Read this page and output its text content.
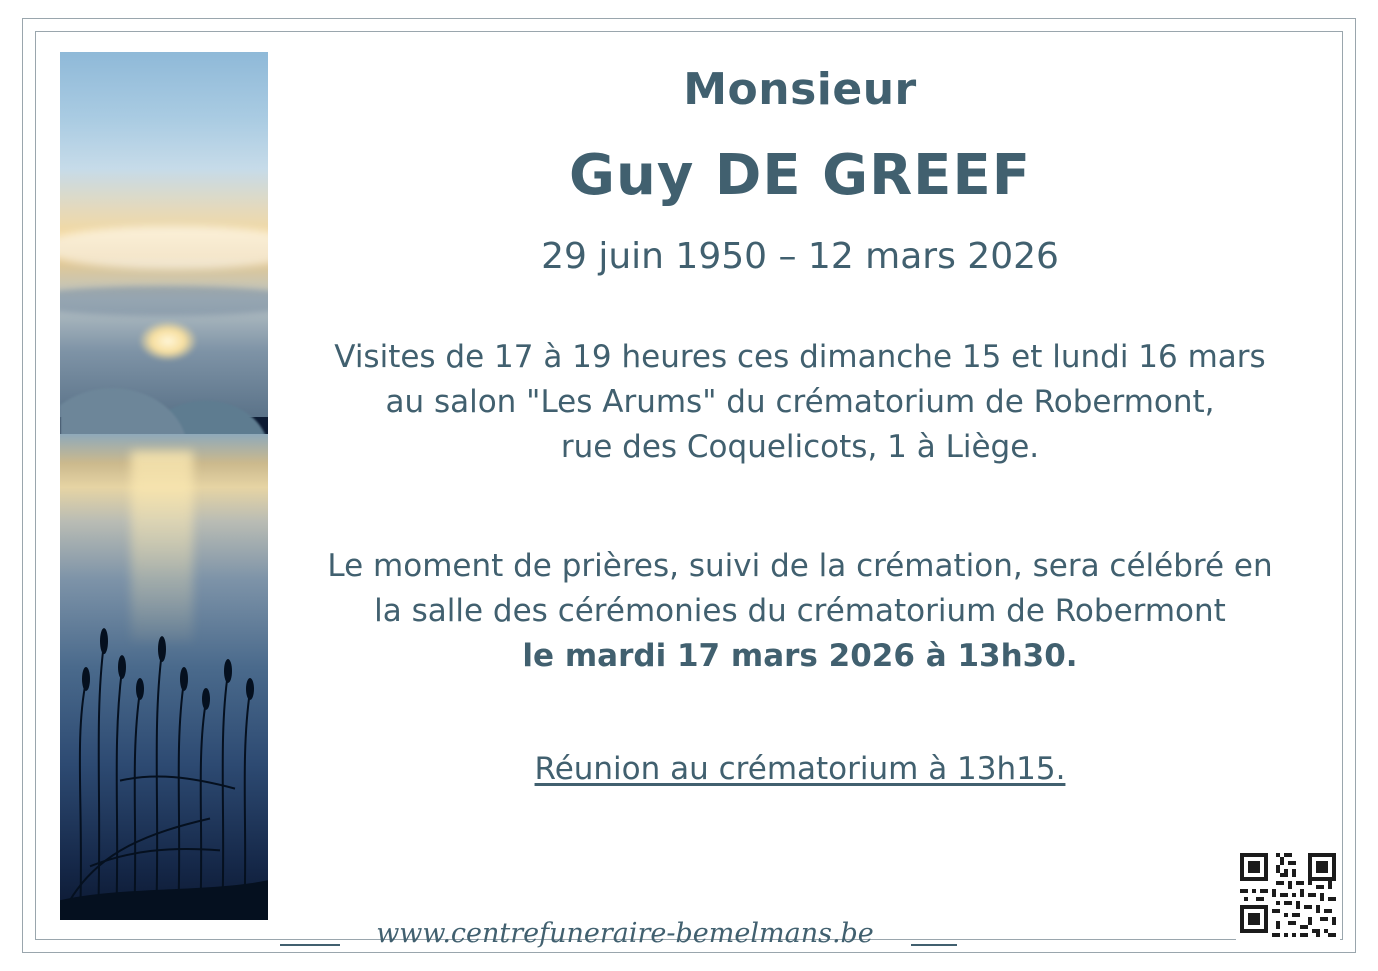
Monsieur
Guy DE GREEF
29 juin 1950 – 12 mars 2026
Visites de 17 à 19 heures ces dimanche 15 et lundi 16 mars
au salon "Les Arums" du crématorium de Robermont,
rue des Coquelicots, 1 à Liège.
Le moment de prières, suivi de la crémation, sera célébré en
la salle des cérémonies du crématorium de Robermont
le mardi 17 mars 2026 à 13h30.
Réunion au crématorium à 13h15.
www.centrefuneraire-bemelmans.be
